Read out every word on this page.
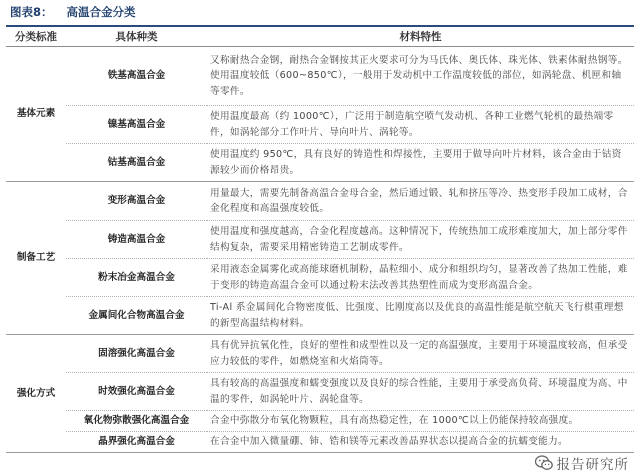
图表8： 高温合金分类
分类标准	具体种类	材料特性
基体元素	铁基高温合金	又称耐热合金钢，耐热合金钢按其正火要求可分为马氏体、奥氏体、珠光体、铁素体耐热钢等。使用温度较低（600~850℃），一般用于发动机中工作温度较低的部位，如涡轮盘、机匣和轴等零件。
	镍基高温合金	使用温度最高（约 1000℃），广泛用于制造航空喷气发动机、各种工业燃气轮机的最热端零件，如涡轮部分工作叶片、导向叶片、涡轮等。
	钴基高温合金	使用温度约 950℃，具有良好的铸造性和焊接性，主要用于做导向叶片材料，该合金由于钴资源较少而价格昂贵。
制备工艺	变形高温合金	用量最大，需要先制备高温合金母合金，然后通过锻、轧和挤压等冷、热变形手段加工成材，合金化程度和高温强度较低。
	铸造高温合金	使用温度和强度越高，合金化程度越高。这种情况下，传统热加工成形难度加大，加上部分零件结构复杂，需要采用精密铸造工艺制成零件。
	粉末冶金高温合金	采用液态金属雾化或高能球磨机制粉，晶粒细小、成分和组织均匀，显著改善了热加工性能，难于变形的铸造高温合金可以通过粉末法改善其热塑性而成为变形高温合金。
	金属间化合物高温合金	Ti-Al 系金属间化合物密度低、比强度、比刚度高以及优良的高温性能是航空航天飞行棋重理想的新型高温结构材料。
强化方式	固溶强化高温合金	具有优异抗氧化性，良好的塑性和成型性以及一定的高温强度，主要用于环境温度较高，但承受应力较低的零件，如燃烧室和火焰筒等。
	时效强化高温合金	具有较高的高温强度和蠕变强度以及良好的综合性能，主要用于承受高负荷、环境温度为高、中温的零件，如涡轮叶片、涡轮盘等。
	氧化物弥散强化高温合金	合金中弥散分布氧化物颗粒，具有高热稳定性，在 1000℃以上仍能保持较高强度。
	晶界强化高温合金	在合金中加入微量硼、铈、锆和镁等元素改善晶界状态以提高合金的抗蠕变能力。
报告研究所
